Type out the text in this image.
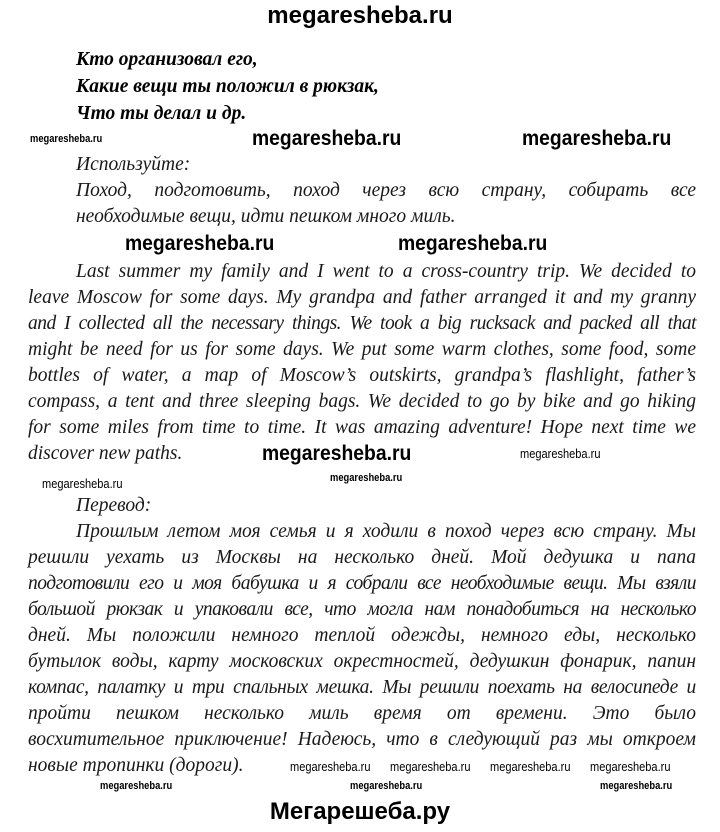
megaresheba.ru
Кто организовал его,
Какие вещи ты положил в рюкзак,
Что ты делал и др.
Используйте:
Поход, подготовить, поход через всю страну, собирать все
необходимые вещи, идти пешком много миль.
Last summer my family and I went to a cross-country trip. We decided to
leave Moscow for some days. My grandpa and father arranged it and my granny
and I collected all the necessary things. We took a big rucksack and packed all that
might be need for us for some days. We put some warm clothes, some food, some
bottles of water, a map of Moscow’s outskirts, grandpa’s flashlight, father’s
compass, a tent and three sleeping bags. We decided to go by bike and go hiking
for some miles from time to time. It was amazing adventure! Hope next time we
discover new paths.
Перевод:
Прошлым летом моя семья и я ходили в поход через всю страну. Мы
решили уехать из Москвы на несколько дней. Мой дедушка и папа
подготовили его и моя бабушка и я собрали все необходимые вещи. Мы взяли
большой рюкзак и упаковали все, что могла нам понадобиться на несколько
дней. Мы положили немного теплой одежды, немного еды, несколько
бутылок воды, карту московских окрестностей, дедушкин фонарик, папин
компас, палатку и три спальных мешка. Мы решили поехать на велосипеде и
пройти пешком несколько миль время от времени. Это было
восхитительное приключение! Надеюсь, что в следующий раз мы откроем
новые тропинки (дороги).
megaresheba.ru	megaresheba.ru	megaresheba.ru
megaresheba.ru	megaresheba.ru
megaresheba.ru
megaresheba.ru	megaresheba.ru
megaresheba.ru
megaresheba.ru
megaresheba.ru megaresheba.ru
megaresheba.ru	megaresheba.ru
megaresheba.ru megaresheba.ru
Мегарешеба.ру
